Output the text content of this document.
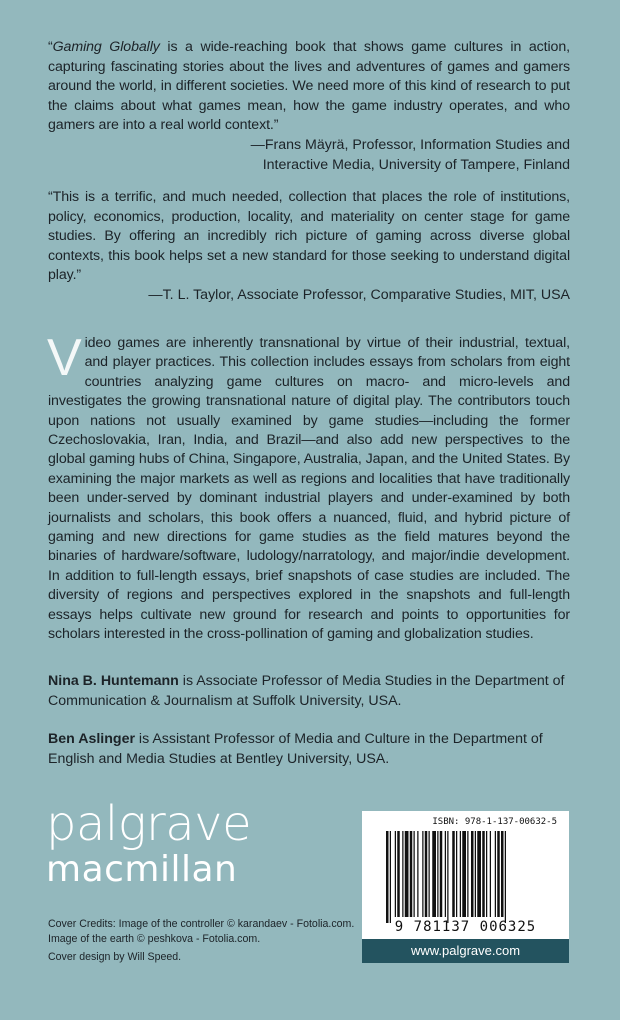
“Gaming Globally is a wide-reaching book that shows game cultures in action, capturing fascinating stories about the lives and adventures of games and gamers around the world, in different societies. We need more of this kind of research to put the claims about what games mean, how the game industry operates, and who gamers are into a real world context.”

—Frans Mäyrä, Professor, Information Studies and

Interactive Media, University of Tampere, Finland

“This is a terrific, and much needed, collection that places the role of institutions, policy, economics, production, locality, and materiality on center stage for game studies. By offering an incredibly rich picture of gaming across diverse global contexts, this book helps set a new standard for those seeking to understand digital play.”

—T. L. Taylor, Associate Professor, Comparative Studies, MIT, USA

Video games are inherently transnational by virtue of their industrial, textual, and player practices. This collection includes essays from scholars from eight countries analyzing game cultures on macro- and micro-levels and investigates the growing transnational nature of digital play. The contributors touch upon nations not usually examined by game studies—including the former Czechoslovakia, Iran, India, and Brazil—and also add new perspectives to the global gaming hubs of China, Singapore, Australia, Japan, and the United States. By examining the major markets as well as regions and localities that have traditionally been under-served by dominant industrial players and under-examined by both journalists and scholars, this book offers a nuanced, fluid, and hybrid picture of gaming and new directions for game studies as the field matures beyond the binaries of hardware/software, ludology/narratology, and major/indie development. In addition to full-length essays, brief snapshots of case studies are included. The diversity of regions and perspectives explored in the snapshots and full-length essays helps cultivate new ground for research and points to opportunities for scholars interested in the cross-pollination of gaming and globalization studies.

Nina B. Huntemann is Associate Professor of Media Studies in the Department of Communication & Journalism at Suffolk University, USA.

Ben Aslinger is Assistant Professor of Media and Culture in the Department of English and Media Studies at Bentley University, USA.

palgrave
macmillan

Cover Credits: Image of the controller © karandaev - Fotolia.com.

Image of the earth © peshkova - Fotolia.com.

Cover design by Will Speed.

ISBN: 978-1-137-00632-5
9 781137 006325
www.palgrave.com
